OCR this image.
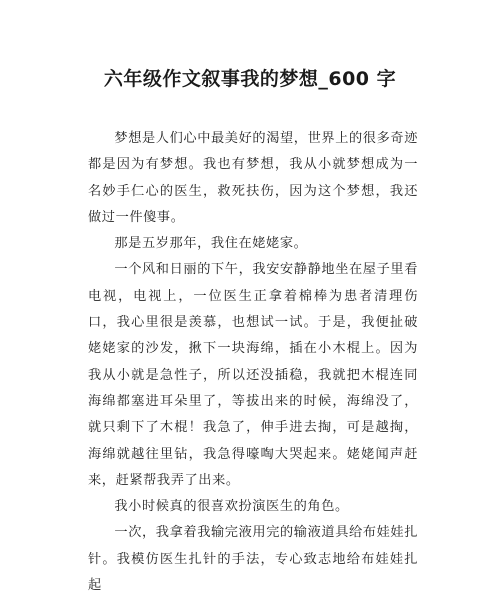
六年级作文叙事我的梦想_600 字

梦想是人们心中最美好的渴望，世界上的很多奇迹都是因为有梦想。我也有梦想，我从小就梦想成为一名妙手仁心的医生，救死扶伤，因为这个梦想，我还做过一件傻事。

那是五岁那年，我住在姥姥家。

一个风和日丽的下午，我安安静静地坐在屋子里看电视，电视上，一位医生正拿着棉棒为患者清理伤口，我心里很是羡慕，也想试一试。于是，我便扯破姥姥家的沙发，揪下一块海绵，插在小木棍上。因为我从小就是急性子，所以还没插稳，我就把木棍连同海绵都塞进耳朵里了，等拔出来的时候，海绵没了，就只剩下了木棍！我急了，伸手进去掏，可是越掏，海绵就越往里钻，我急得嚎啕大哭起来。姥姥闻声赶来，赶紧帮我弄了出来。

我小时候真的很喜欢扮演医生的角色。

一次，我拿着我输完液用完的输液道具给布娃娃扎针。我模仿医生扎针的手法，专心致志地给布娃娃扎起
